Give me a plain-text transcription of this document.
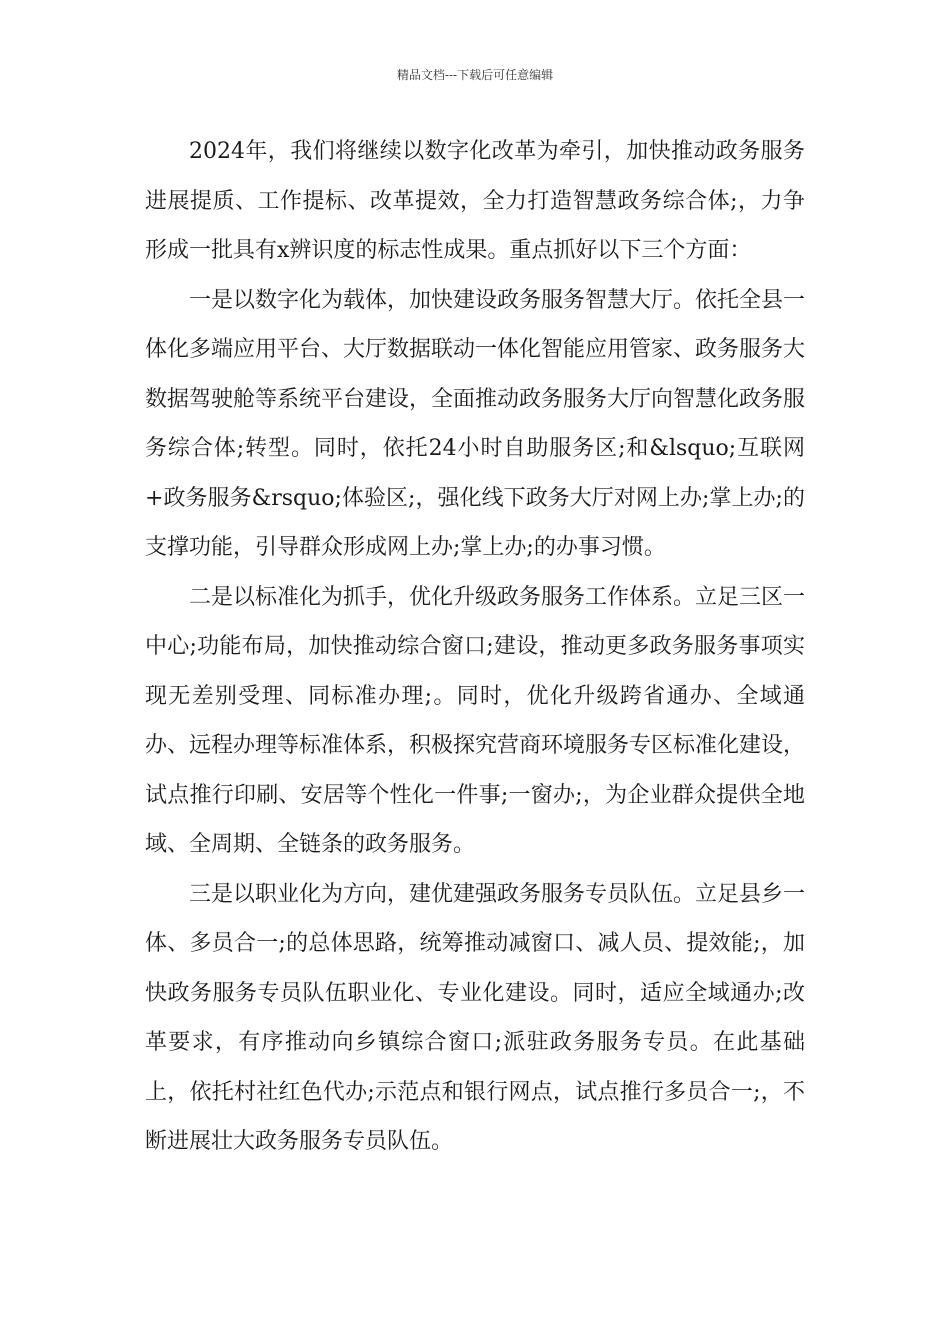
精品文档---下载后可任意编辑

2024年，我们将继续以数字化改革为牵引，加快推动政务服务进展提质、工作提标、改革提效，全力打造智慧政务综合体;，力争形成一批具有x辨识度的标志性成果。重点抓好以下三个方面：

一是以数字化为载体，加快建设政务服务智慧大厅。依托全县一体化多端应用平台、大厅数据联动一体化智能应用管家、政务服务大数据驾驶舱等系统平台建设，全面推动政务服务大厅向智慧化政务服务综合体;转型。同时，依托24小时自助服务区;和&lsquo;互联网+政务服务&rsquo;体验区;，强化线下政务大厅对网上办;掌上办;的支撑功能，引导群众形成网上办;掌上办;的办事习惯。

二是以标准化为抓手，优化升级政务服务工作体系。立足三区一中心;功能布局，加快推动综合窗口;建设，推动更多政务服务事项实现无差别受理、同标准办理;。同时，优化升级跨省通办、全域通办、远程办理等标准体系，积极探究营商环境服务专区标准化建设，试点推行印刷、安居等个性化一件事;一窗办;，为企业群众提供全地域、全周期、全链条的政务服务。

三是以职业化为方向，建优建强政务服务专员队伍。立足县乡一体、多员合一;的总体思路，统筹推动减窗口、减人员、提效能;，加快政务服务专员队伍职业化、专业化建设。同时，适应全域通办;改革要求，有序推动向乡镇综合窗口;派驻政务服务专员。在此基础上，依托村社红色代办;示范点和银行网点，试点推行多员合一;，不断进展壮大政务服务专员队伍。
